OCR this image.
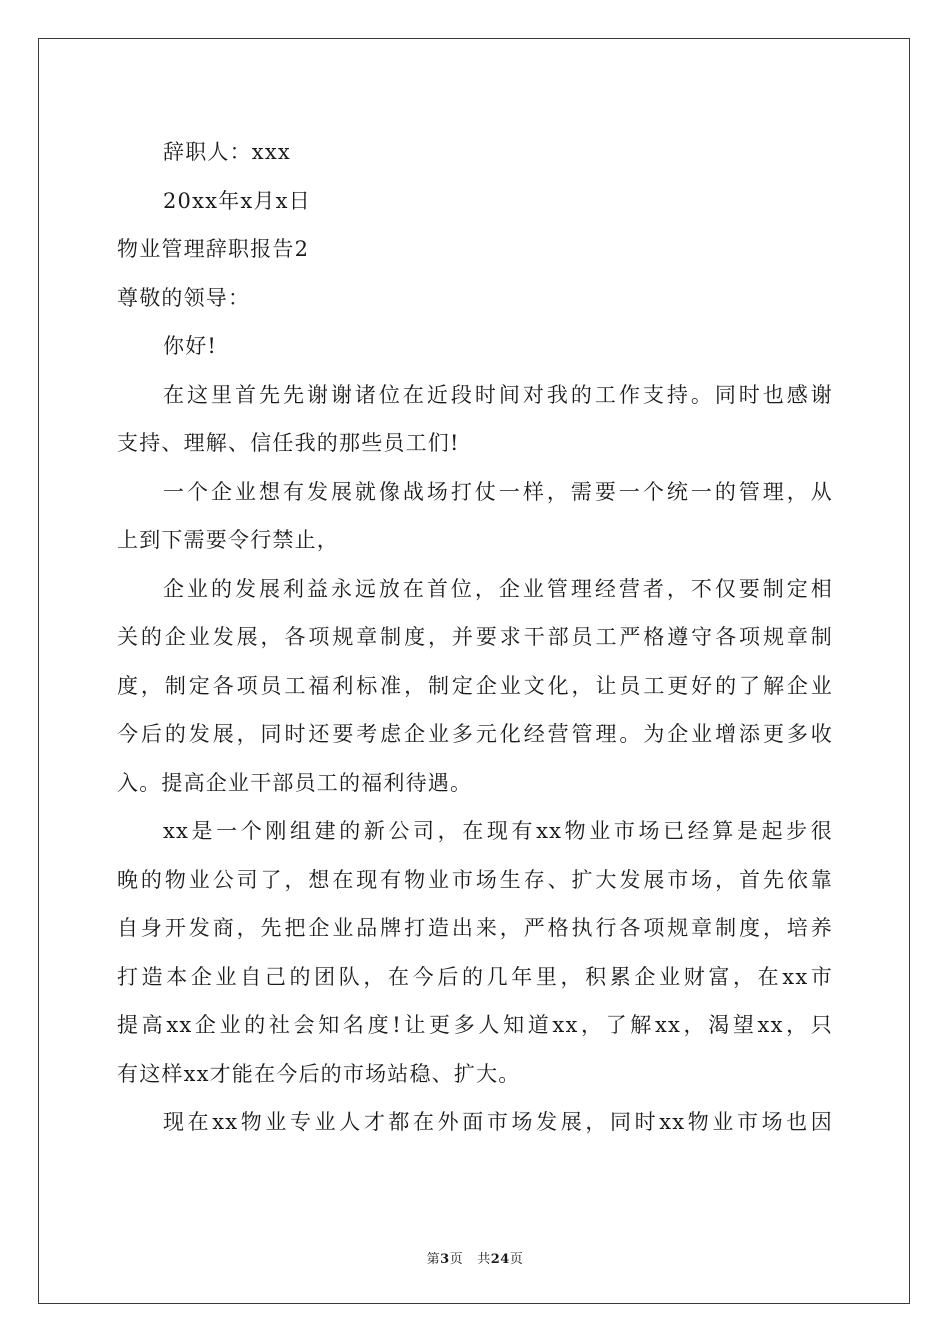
辞职人：xxx
20xx年x月x日
物业管理辞职报告2
尊敬的领导：
你好!
在这里首先先谢谢诸位在近段时间对我的工作支持。同时也感谢
支持、理解、信任我的那些员工们!
一个企业想有发展就像战场打仗一样，需要一个统一的管理，从
上到下需要令行禁止，
企业的发展利益永远放在首位，企业管理经营者，不仅要制定相
关的企业发展，各项规章制度，并要求干部员工严格遵守各项规章制
度，制定各项员工福利标准，制定企业文化，让员工更好的了解企业
今后的发展，同时还要考虑企业多元化经营管理。为企业增添更多收
入。提高企业干部员工的福利待遇。
xx是一个刚组建的新公司，在现有xx物业市场已经算是起步很
晚的物业公司了，想在现有物业市场生存、扩大发展市场，首先依靠
自身开发商，先把企业品牌打造出来，严格执行各项规章制度，培养
打造本企业自己的团队，在今后的几年里，积累企业财富，在xx市
提高xx企业的社会知名度!让更多人知道xx，了解xx，渴望xx，只
有这样xx才能在今后的市场站稳、扩大。
现在xx物业专业人才都在外面市场发展，同时xx物业市场也因
第3页 共24页
